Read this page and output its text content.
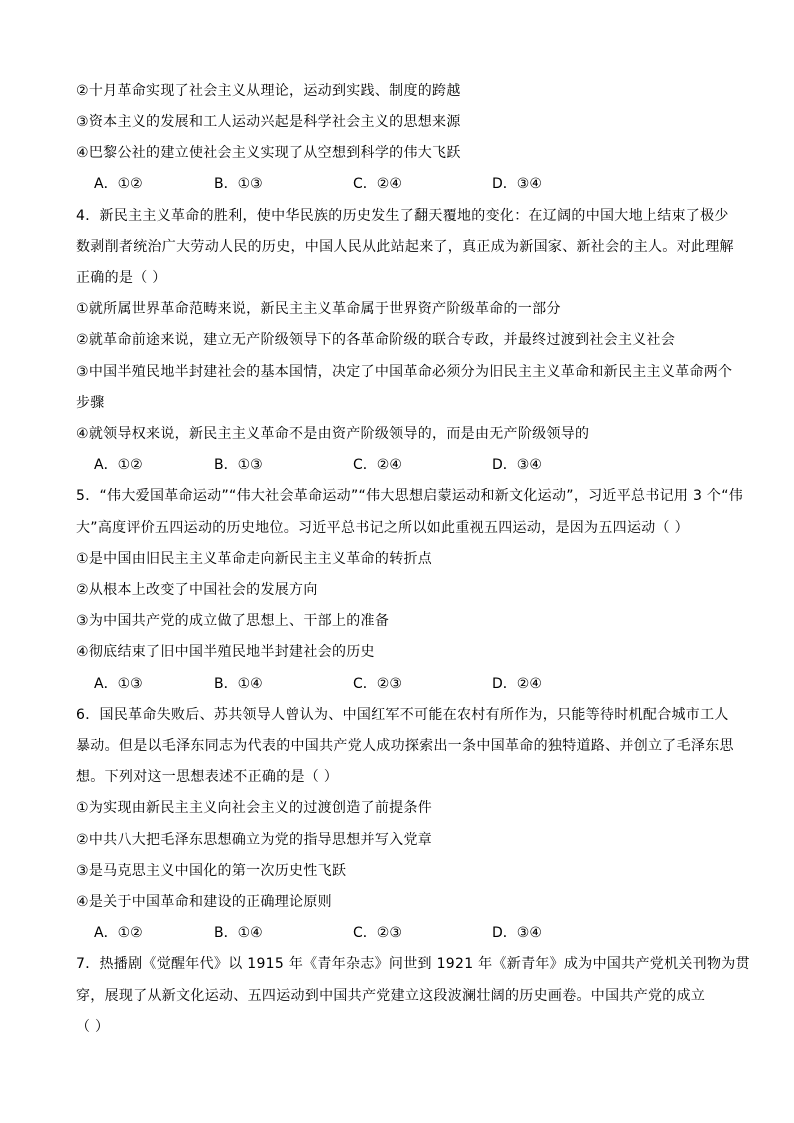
②十月革命实现了社会主义从理论，运动到实践、制度的跨越
③资本主义的发展和工人运动兴起是科学社会主义的思想来源
④巴黎公社的建立使社会主义实现了从空想到科学的伟大飞跃
A．①②	B．①③	C．②④	D．③④
4．新民主主义革命的胜利，使中华民族的历史发生了翻天覆地的变化：在辽阔的中国大地上结束了极少
数剥削者统治广大劳动人民的历史，中国人民从此站起来了，真正成为新国家、新社会的主人。对此理解
正确的是（ ）
①就所属世界革命范畴来说，新民主主义革命属于世界资产阶级革命的一部分
②就革命前途来说，建立无产阶级领导下的各革命阶级的联合专政，并最终过渡到社会主义社会
③中国半殖民地半封建社会的基本国情，决定了中国革命必须分为旧民主主义革命和新民主主义革命两个
步骤
④就领导权来说，新民主主义革命不是由资产阶级领导的，而是由无产阶级领导的
A．①②	B．①③	C．②④	D．③④
5．“伟大爱国革命运动”“伟大社会革命运动”“伟大思想启蒙运动和新文化运动”，习近平总书记用 3 个“伟
大”高度评价五四运动的历史地位。习近平总书记之所以如此重视五四运动，是因为五四运动（ ）
①是中国由旧民主主义革命走向新民主主义革命的转折点
②从根本上改变了中国社会的发展方向
③为中国共产党的成立做了思想上、干部上的准备
④彻底结束了旧中国半殖民地半封建社会的历史
A．①③	B．①④	C．②③	D．②④
6．国民革命失败后、苏共领导人曾认为、中国红军不可能在农村有所作为，只能等待时机配合城市工人
暴动。但是以毛泽东同志为代表的中国共产党人成功探索出一条中国革命的独特道路、并创立了毛泽东思
想。下列对这一思想表述不正确的是（ ）
①为实现由新民主主义向社会主义的过渡创造了前提条件
②中共八大把毛泽东思想确立为党的指导思想并写入党章
③是马克思主义中国化的第一次历史性飞跃
④是关于中国革命和建设的正确理论原则
A．①②	B．①④	C．②③	D．③④
7．热播剧《觉醒年代》以 1915 年《青年杂志》问世到 1921 年《新青年》成为中国共产党机关刊物为贯
穿，展现了从新文化运动、五四运动到中国共产党建立这段波澜壮阔的历史画卷。中国共产党的成立
（ ）
